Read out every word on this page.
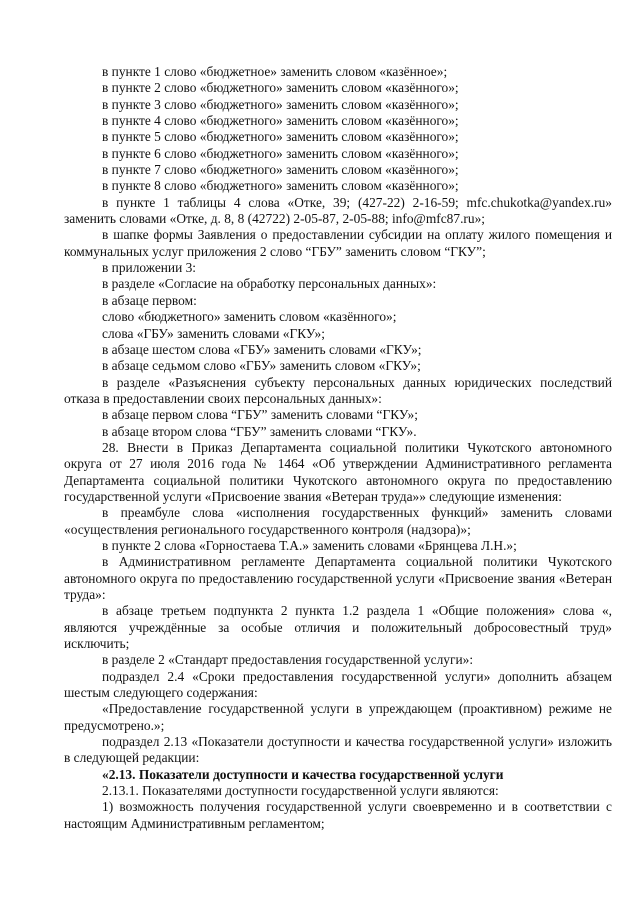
в пункте 1 слово «бюджетное» заменить словом «казённое»;

в пункте 2 слово «бюджетного» заменить словом «казённого»;

в пункте 3 слово «бюджетного» заменить словом «казённого»;

в пункте 4 слово «бюджетного» заменить словом «казённого»;

в пункте 5 слово «бюджетного» заменить словом «казённого»;

в пункте 6 слово «бюджетного» заменить словом «казённого»;

в пункте 7 слово «бюджетного» заменить словом «казённого»;

в пункте 8 слово «бюджетного» заменить словом «казённого»;

в пункте 1 таблицы 4 слова «Отке, 39; (427-22) 2-16-59; mfc.chukotka@yandex.ru» заменить словами «Отке, д. 8, 8 (42722) 2-05-87, 2-05-88; info@mfc87.ru»;

в шапке формы Заявления о предоставлении субсидии на оплату жилого помещения и коммунальных услуг приложения 2 слово “ГБУ” заменить словом “ГКУ”;

в приложении 3:

в разделе «Согласие на обработку персональных данных»:

в абзаце первом:

слово «бюджетного» заменить словом «казённого»;

слова «ГБУ» заменить словами «ГКУ»;

в абзаце шестом слова «ГБУ» заменить словами «ГКУ»;

в абзаце седьмом слово «ГБУ» заменить словом «ГКУ»;

в разделе «Разъяснения субъекту персональных данных юридических последствий отказа в предоставлении своих персональных данных»:

в абзаце первом слова “ГБУ” заменить словами “ГКУ»;

в абзаце втором слова “ГБУ” заменить словами “ГКУ».

28. Внести в Приказ Департамента социальной политики Чукотского автономного округа от 27 июля 2016 года № 1464 «Об утверждении Административного регламента Департамента социальной политики Чукотского автономного округа по предоставлению государственной услуги «Присвоение звания «Ветеран труда»» следующие изменения:

в преамбуле слова «исполнения государственных функций» заменить словами «осуществления регионального государственного контроля (надзора)»;

в пункте 2 слова «Горностаева Т.А.» заменить словами «Брянцева Л.Н.»;

в Административном регламенте Департамента социальной политики Чукотского автономного округа по предоставлению государственной услуги «Присвоение звания «Ветеран труда»:

в абзаце третьем подпункта 2 пункта 1.2 раздела 1 «Общие положения» слова «, являются учреждённые за особые отличия и положительный добросовестный труд» исключить;

в разделе 2 «Стандарт предоставления государственной услуги»:

подраздел 2.4 «Сроки предоставления государственной услуги» дополнить абзацем шестым следующего содержания:

«Предоставление государственной услуги в упреждающем (проактивном) режиме не предусмотрено.»;

подраздел 2.13 «Показатели доступности и качества государственной услуги» изложить в следующей редакции:

«2.13. Показатели доступности и качества государственной услуги

2.13.1. Показателями доступности государственной услуги являются:

1) возможность получения государственной услуги своевременно и в соответствии с настоящим Административным регламентом;
